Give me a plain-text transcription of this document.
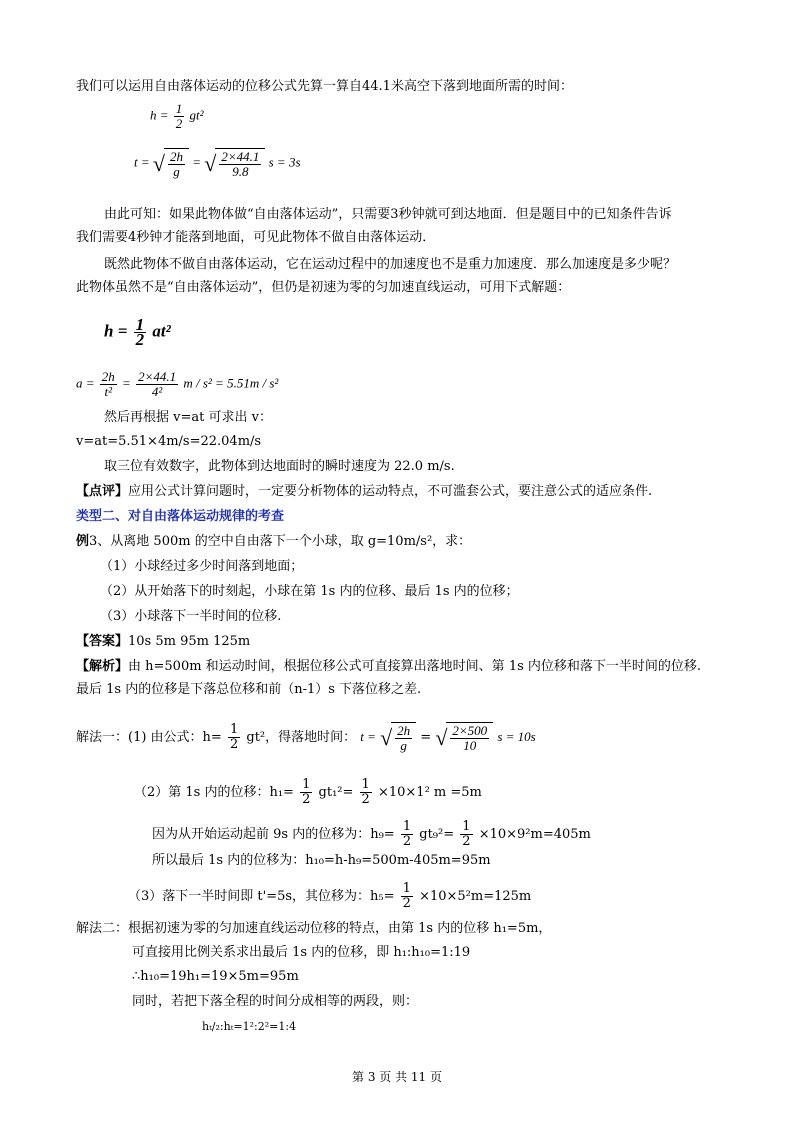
我们可以运用自由落体运动的位移公式先算一算自44.1米高空下落到地面所需的时间：
$h = \frac{1}{2} gt^2$
t = √ $\frac{2h}{g}$ = √ $\frac{2\times 44.1}{9.8}$ s = 3s
由此可知：如果此物体做“自由落体运动”，只需要3秒钟就可到达地面．但是题目中的已知条件告诉
我们需要4秒钟才能落到地面，可见此物体不做自由落体运动．
既然此物体不做自由落体运动，它在运动过程中的加速度也不是重力加速度．那么加速度是多少呢？
此物体虽然不是“自由落体运动”，但仍是初速为零的匀加速直线运动，可用下式解题：
$h = \frac{1}{2} at^2$
$a = \frac{2h}{\text{t²}} = \frac{2\times 44.1}{\text{4²}}$ m / s² = 5.51m / s²
然后再根据 v=at 可求出 v：
v=at=5.51×4m/s=22.04m/s
取三位有效数字，此物体到达地面时的瞬时速度为 22.0 m/s.
【点评】应用公式计算问题时，一定要分析物体的运动特点，不可滥套公式，要注意公式的适应条件.
类型二、对自由落体运动规律的考查
例3、从离地 500m 的空中自由落下一个小球，取 g=10m/s²，求：
（1）小球经过多少时间落到地面；
（2）从开始落下的时刻起，小球在第 1s 内的位移、最后 1s 内的位移；
（3）小球落下一半时间的位移.
【答案】10s 5m 95m 125m
【解析】由 h=500m 和运动时间，根据位移公式可直接算出落地时间、第 1s 内位移和落下一半时间的位移.
最后 1s 内的位移是下落总位移和前（n-1）s 下落位移之差.
解法一：(1) 由公式：$h= \frac{1}{2} gt^2$，得落地时间： t = √ $\frac{2h}{g}$ = √ $\frac{2\times 500}{10}$ s = 10s
（2）第 1s 内的位移：$h_1= \frac{1}{2} gt_1^2= \frac{1}{2} \times 10\times 1^2$ m =5m
因为从开始运动起前 9s 内的位移为：$h_9= \frac{1}{2} gt_9^2= \frac{1}{2} \times 10\times 9^2m=405m$
所以最后 1s 内的位移为：h₁₀=h-h₉=500m-405m=95m
（3）落下一半时间即 t'=5s，其位移为：$h_5= \frac{1}{2} \times 10\times 5^2m=125m$
解法二：根据初速为零的匀加速直线运动位移的特点，由第 1s 内的位移 h₁=5m，
可直接用比例关系求出最后 1s 内的位移，即 h₁:h₁₀=1:19
∴h₁₀=19h₁=19×5m=95m
同时，若把下落全程的时间分成相等的两段，则：
hₜ/₂:hₜ=1²:2²=1:4
第 3 页 共 11 页
